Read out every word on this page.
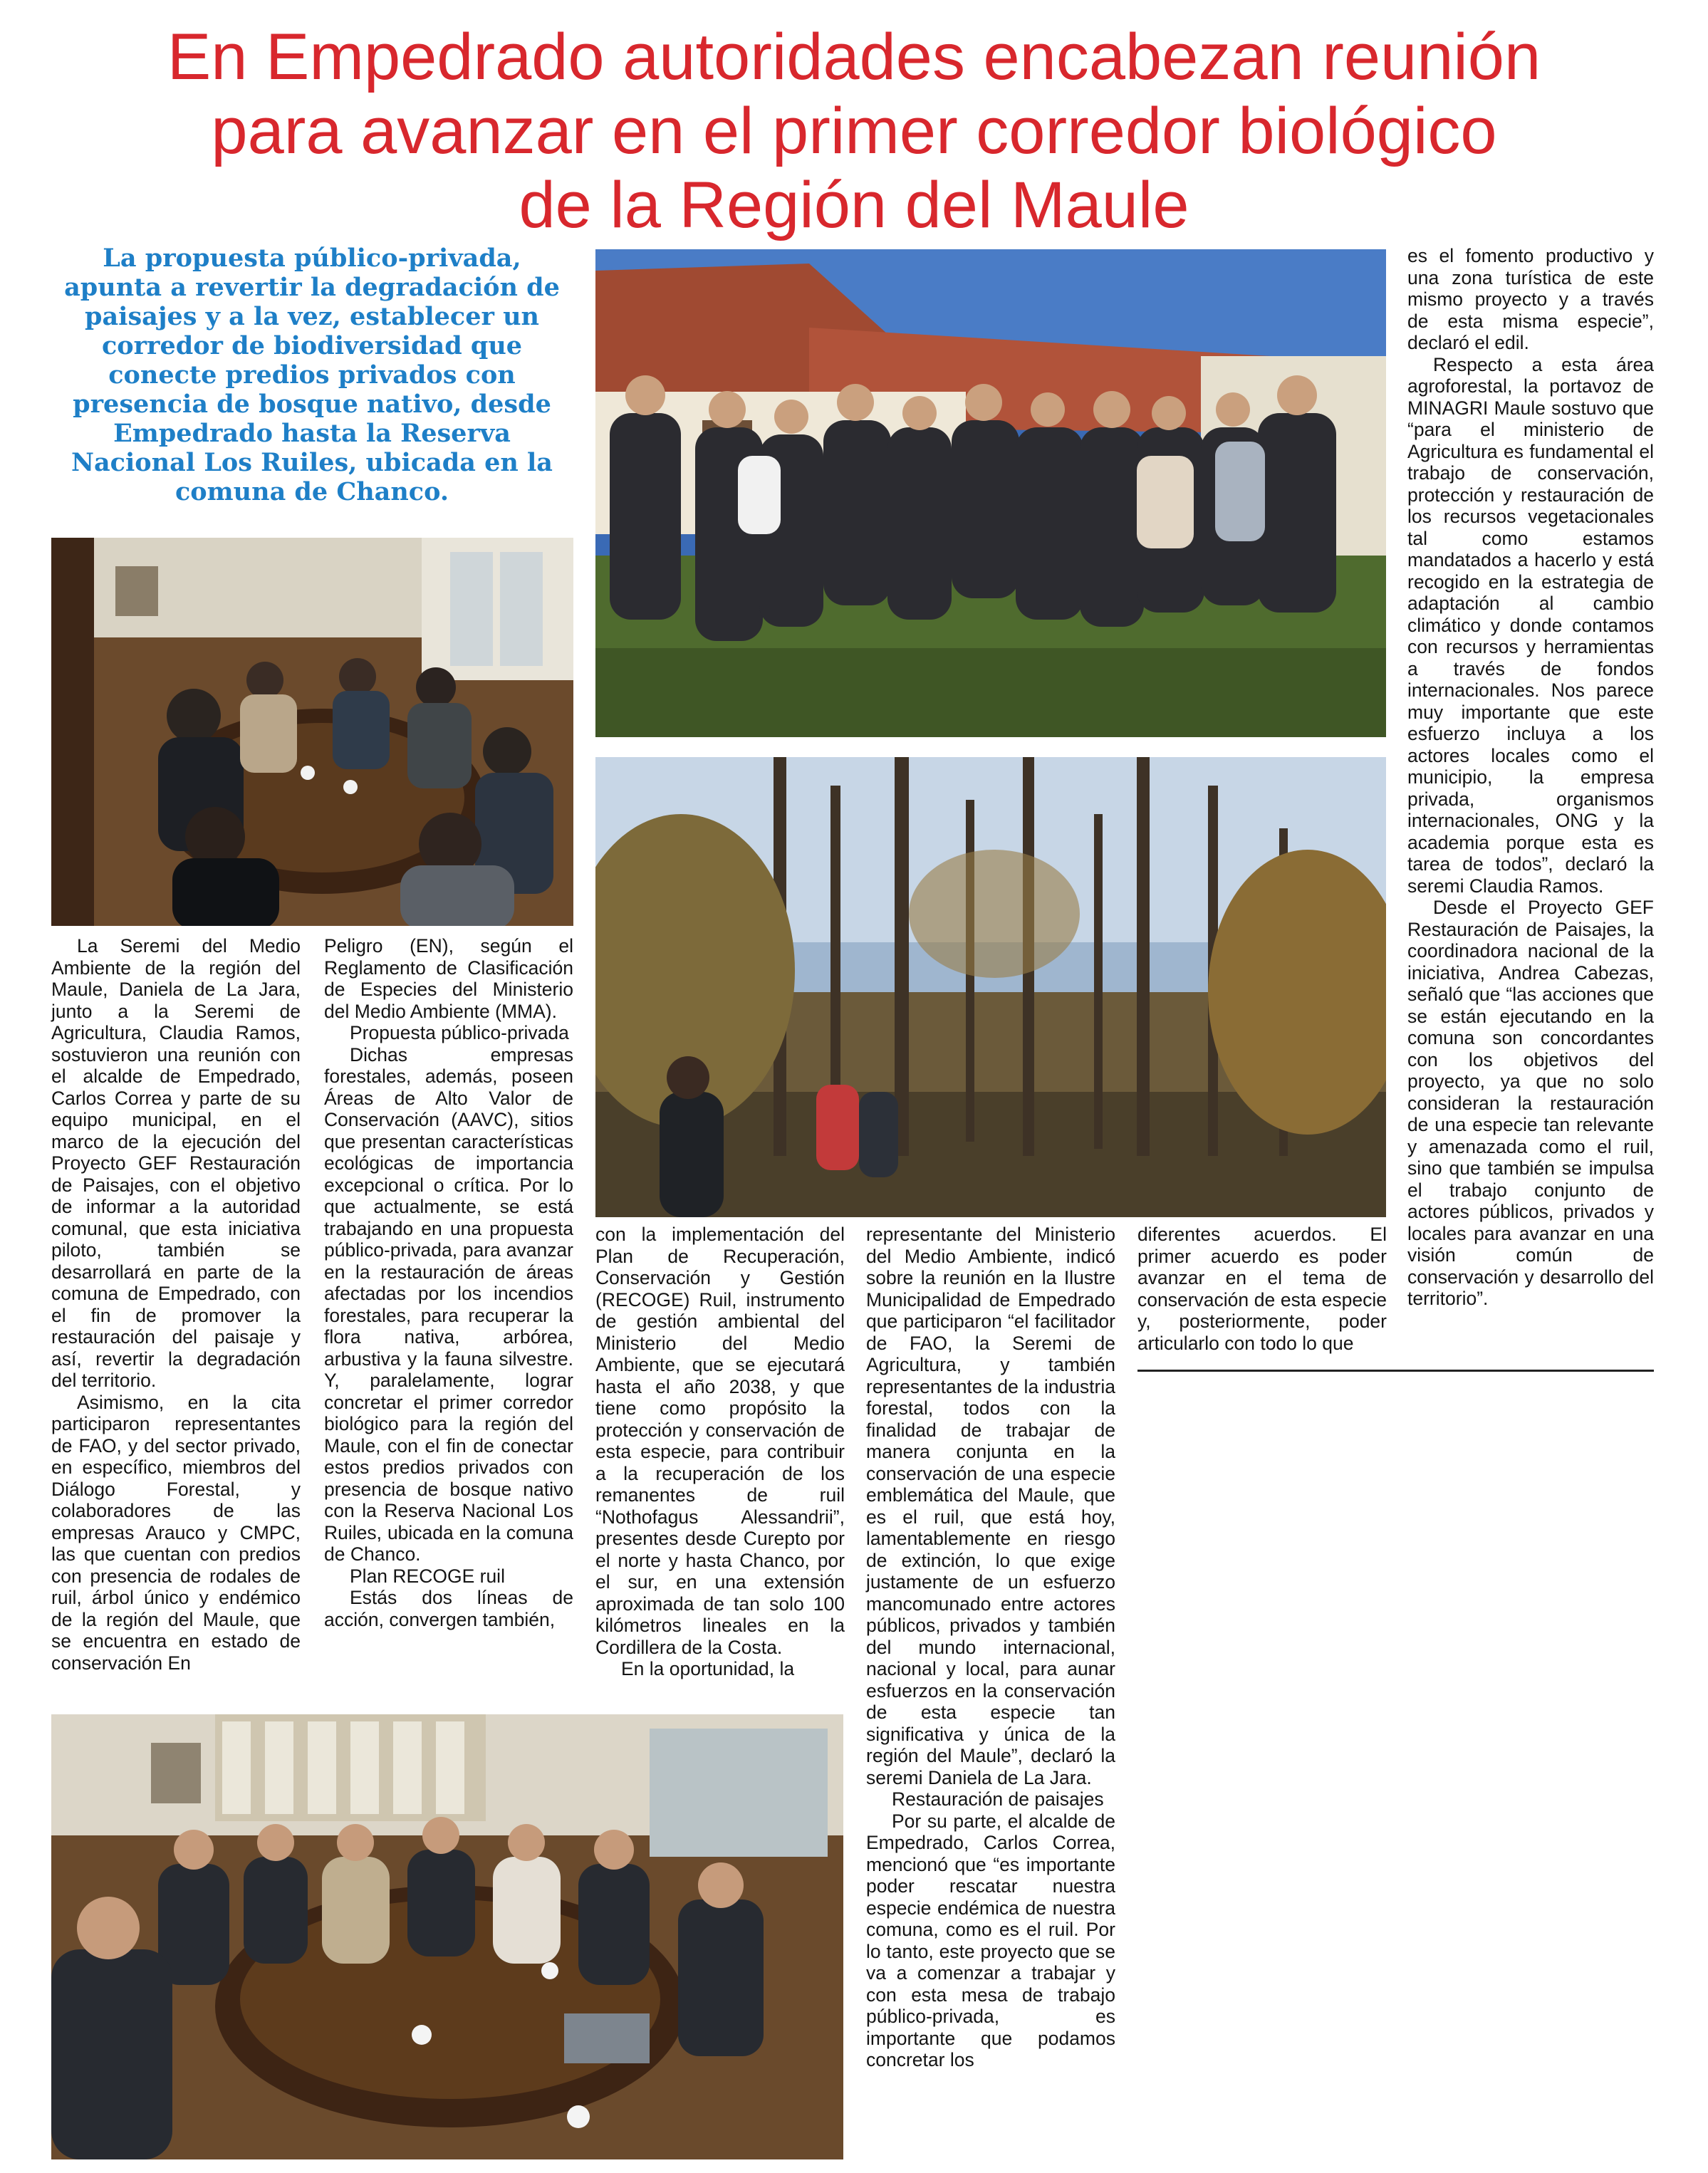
En Empedrado autoridades encabezan reunión
para avanzar en el primer corredor biológico
de la Región del Maule

La propuesta público-privada, apunta a revertir la degradación de paisajes y a la vez, establecer un corredor de biodiversidad que conecte predios privados con presencia de bosque nativo, desde Empedrado hasta la Reserva Nacional Los Ruiles, ubicada en la comuna de Chanco.

La Seremi del Medio Ambiente de la región del Maule, Daniela de La Jara, junto a la Seremi de Agricultura, Claudia Ramos, sostuvieron una reunión con el alcalde de Empedrado, Carlos Correa y parte de su equipo municipal, en el marco de la ejecución del Proyecto GEF Restauración de Paisajes, con el objetivo de informar a la autoridad comunal, que esta iniciativa piloto, también se desarrollará en parte de la comuna de Empedrado, con el fin de promover la restauración del paisaje y así, revertir la degradación del territorio.

Asimismo, en la cita participaron representantes de FAO, y del sector privado, en específico, miembros del Diálogo Forestal, y colaboradores de las empresas Arauco y CMPC, las que cuentan con predios con presencia de rodales de ruil, árbol único y endémico de la región del Maule, que se encuentra en estado de conservación En

Peligro (EN), según el Reglamento de Clasificación de Especies del Ministerio del Medio Ambiente (MMA).

Propuesta público-privada

Dichas empresas forestales, además, poseen Áreas de Alto Valor de Conservación (AAVC), sitios que presentan características ecológicas de importancia excepcional o crítica. Por lo que actualmente, se está trabajando en una propuesta público-privada, para avanzar en la restauración de áreas afectadas por los incendios forestales, para recuperar la flora nativa, arbórea, arbustiva y la fauna silvestre. Y, paralelamente, lograr concretar el primer corredor biológico para la región del Maule, con el fin de conectar estos predios privados con presencia de bosque nativo con la Reserva Nacional Los Ruiles, ubicada en la comuna de Chanco.

Plan RECOGE ruil

Estás dos líneas de acción, convergen también,

con la implementación del Plan de Recuperación, Conservación y Gestión (RECOGE) Ruil, instrumento de gestión ambiental del Ministerio del Medio Ambiente, que se ejecutará hasta el año 2038, y que tiene como propósito la protección y conservación de esta especie, para contribuir a la recuperación de los remanentes de ruil “Nothofagus Alessandrii”, presentes desde Curepto por el norte y hasta Chanco, por el sur, en una extensión aproximada de tan solo 100 kilómetros lineales en la Cordillera de la Costa.

En la oportunidad, la

representante del Ministerio del Medio Ambiente, indicó sobre la reunión en la Ilustre Municipalidad de Empedrado que participaron “el facilitador de FAO, la Seremi de Agricultura, y también representantes de la industria forestal, todos con la finalidad de trabajar de manera conjunta en la conservación de una especie emblemática del Maule, que es el ruil, que está hoy, lamentablemente en riesgo de extinción, lo que exige justamente de un esfuerzo mancomunado entre actores públicos, privados y también del mundo internacional, nacional y local, para aunar esfuerzos en la conservación de esta especie tan significativa y única de la región del Maule”, declaró la seremi Daniela de La Jara.

Restauración de paisajes

Por su parte, el alcalde de Empedrado, Carlos Correa, mencionó que “es importante poder rescatar nuestra especie endémica de nuestra comuna, como es el ruil. Por lo tanto, este proyecto que se va a comenzar a trabajar y con esta mesa de trabajo público-privada, es importante que podamos concretar los

diferentes acuerdos. El primer acuerdo es poder avanzar en el tema de conservación de esta especie y, posteriormente, poder articularlo con todo lo que

es el fomento productivo y una zona turística de este mismo proyecto y a través de esta misma especie”, declaró el edil.

Respecto a esta área agroforestal, la portavoz de MINAGRI Maule sostuvo que “para el ministerio de Agricultura es fundamental el trabajo de conservación, protección y restauración de los recursos vegetacionales tal como estamos mandatados a hacerlo y está recogido en la estrategia de adaptación al cambio climático y donde contamos con recursos y herramientas a través de fondos internacionales. Nos parece muy importante que este esfuerzo incluya a los actores locales como el municipio, la empresa privada, organismos internacionales, ONG y la academia porque esta es tarea de todos”, declaró la seremi Claudia Ramos.

Desde el Proyecto GEF Restauración de Paisajes, la coordinadora nacional de la iniciativa, Andrea Cabezas, señaló que “las acciones que se están ejecutando en la comuna son concordantes con los objetivos del proyecto, ya que no solo consideran la restauración de una especie tan relevante y amenazada como el ruil, sino que también se impulsa el trabajo conjunto de actores públicos, privados y locales para avanzar en una visión común de conservación y desarrollo del territorio”.
